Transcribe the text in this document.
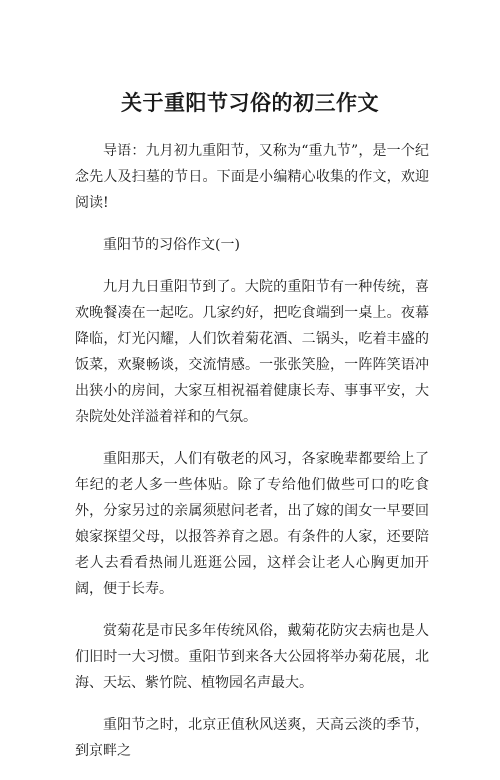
关于重阳节习俗的初三作文

导语：九月初九重阳节，又称为“重九节”，是一个纪念先人及扫墓的节日。下面是小编精心收集的作文，欢迎阅读!

重阳节的习俗作文(一)

九月九日重阳节到了。大院的重阳节有一种传统，喜欢晚餐凑在一起吃。几家约好，把吃食端到一桌上。夜幕降临，灯光闪耀，人们饮着菊花酒、二锅头，吃着丰盛的饭菜，欢聚畅谈，交流情感。一张张笑脸，一阵阵笑语冲出狭小的房间，大家互相祝福着健康长寿、事事平安，大杂院处处洋溢着祥和的气氛。

重阳那天，人们有敬老的风习，各家晚辈都要给上了年纪的老人多一些体贴。除了专给他们做些可口的吃食外，分家另过的亲属须慰问老者，出了嫁的闺女一早要回娘家探望父母，以报答养育之恩。有条件的人家，还要陪老人去看看热闹儿逛逛公园，这样会让老人心胸更加开阔，便于长寿。

赏菊花是市民多年传统风俗，戴菊花防灾去病也是人们旧时一大习惯。重阳节到来各大公园将举办菊花展，北海、天坛、紫竹院、植物园名声最大。

重阳节之时，北京正值秋风送爽，天高云淡的季节，到京畔之
